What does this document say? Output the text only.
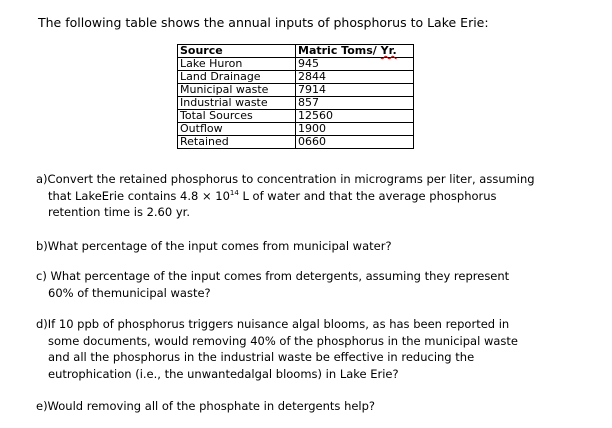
The following table shows the annual inputs of phosphorus to Lake Erie:
Source	Matric Toms/ Yr.
Lake Huron	945
Land Drainage	2844
Municipal waste	7914
Industrial waste	857
Total Sources	12560
Outflow	1900
Retained	0660
a)Convert the retained phosphorus to concentration in micrograms per liter, assuming
that LakeErie contains $4.8 \times 10^{14}$ L of water and that the average phosphorus
retention time is 2.60 yr.
b)What percentage of the input comes from municipal water?
c) What percentage of the input comes from detergents, assuming they represent
60% of themunicipal waste?
d)If 10 ppb of phosphorus triggers nuisance algal blooms, as has been reported in
some documents, would removing 40% of the phosphorus in the municipal waste
and all the phosphorus in the industrial waste be effective in reducing the
eutrophication (i.e., the unwantedalgal blooms) in Lake Erie?
e)Would removing all of the phosphate in detergents help?
